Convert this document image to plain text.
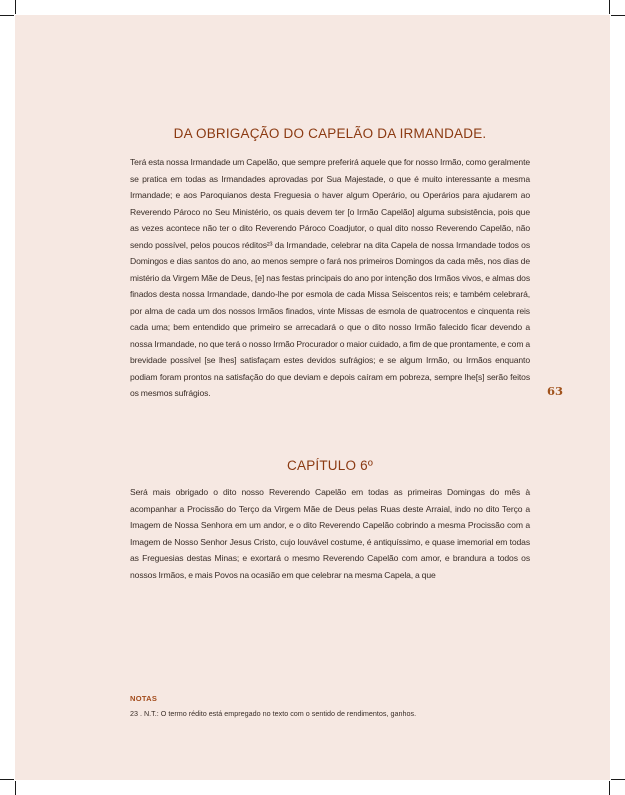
DA OBRIGAÇÃO DO CAPELÃO DA IRMANDADE.

Terá esta nossa Irmandade um Capelão, que sempre preferirá aquele que for nosso Irmão, como geralmente se pratica em todas as Irmandades aprovadas por Sua Majestade, o que é muito interessante a mesma Irmandade; e aos Paroquianos desta Freguesia o haver algum Operário, ou Operários para ajudarem ao Reverendo Pároco no Seu Ministério, os quais devem ter [o Irmão Capelão] alguma subsistência, pois que as vezes acontece não ter o dito Reverendo Pároco Coadjutor, o qual dito nosso Reverendo Capelão, não sendo possível, pelos poucos réditos²³ da Irmandade, celebrar na dita Capela de nossa Irmandade todos os Domingos e dias santos do ano, ao menos sempre o fará nos primeiros Domingos da cada mês, nos dias de mistério da Virgem Mãe de Deus, [e] nas festas principais do ano por intenção dos Irmãos vivos, e almas dos finados desta nossa Irmandade, dando-lhe por esmola de cada Missa Seiscentos reis; e também celebrará, por alma de cada um dos nossos Irmãos finados, vinte Missas de esmola de quatrocentos e cinquenta reis cada uma; bem entendido que primeiro se arrecadará o que o dito nosso Irmão falecido ficar devendo a nossa Irmandade, no que terá o nosso Irmão Procurador o maior cuidado, a fim de que prontamente, e com a brevidade possível [se lhes] satisfaçam estes devidos sufrágios; e se algum Irmão, ou Irmãos enquanto podiam foram prontos na satisfação do que deviam e depois caíram em pobreza, sempre lhe[s] serão feitos os mesmos sufrágios.	63
CAPÍTULO 6º

Será mais obrigado o dito nosso Reverendo Capelão em todas as primeiras Domingas do mês à acompanhar a Procissão do Terço da Virgem Mãe de Deus pelas Ruas deste Arraial, indo no dito Terço a Imagem de Nossa Senhora em um andor, e o dito Reverendo Capelão cobrindo a mesma Procissão com a Imagem de Nosso Senhor Jesus Cristo, cujo louvável costume, é antiquíssimo, e quase imemorial em todas as Freguesias destas Minas; e exortará o mesmo Reverendo Capelão com amor, e brandura a todos os nossos Irmãos, e mais Povos na ocasião em que celebrar na mesma Capela, a que

NOTAS
23 . N.T.: O termo rédito está empregado no texto com o sentido de rendimentos, ganhos.
